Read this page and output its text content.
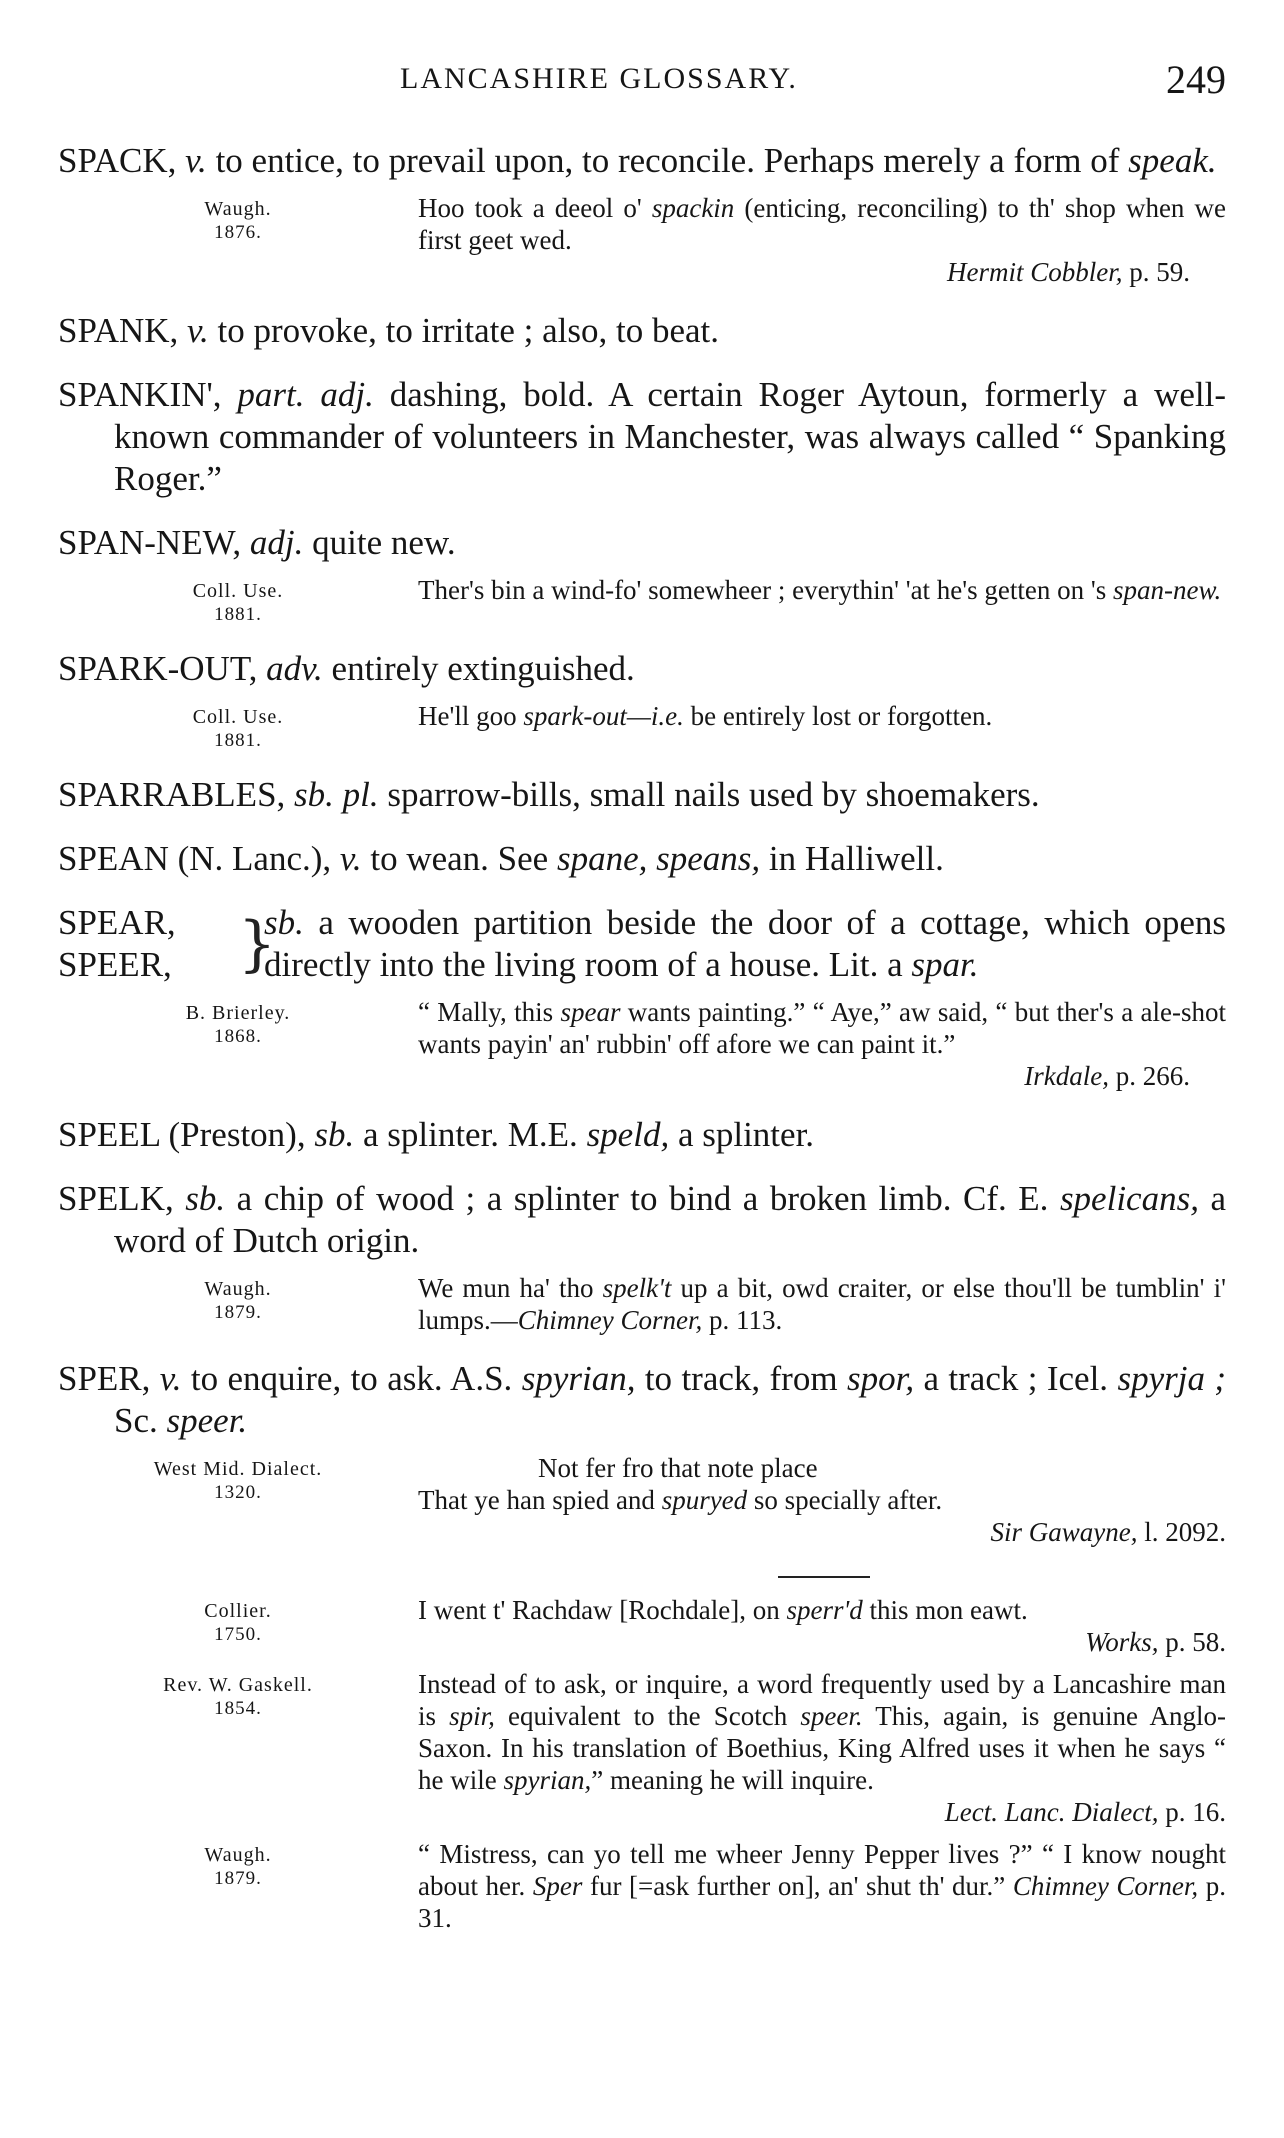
LANCASHIRE GLOSSARY.	249

SPACK, v. to entice, to prevail upon, to reconcile. Perhaps merely a form of speak.

Waugh.
1876.
Hoo took a deeol o' spackin (enticing, reconciling) to th' shop when we first geet wed.
Hermit Cobbler, p. 59.

SPANK, v. to provoke, to irritate ; also, to beat.

SPANKIN', part. adj. dashing, bold. A certain Roger Aytoun, formerly a well-known commander of volunteers in Manchester, was always called “ Spanking Roger.”

SPAN-NEW, adj. quite new.

Coll. Use.
1881.
Ther's bin a wind-fo' somewheer ; everythin' 'at he's getten on 's span-new.

SPARK-OUT, adv. entirely extinguished.

Coll. Use.
1881.
He'll goo spark-out—i.e. be entirely lost or forgotten.

SPARRABLES, sb. pl. sparrow-bills, small nails used by shoemakers.

SPEAN (N. Lanc.), v. to wean. See spane, speans, in Halliwell.

SPEAR,
SPEER,	}
sb. a wooden partition beside the door of a cottage, which opens directly into the living room of a house. Lit. a spar.
B. Brierley.
1868.
“ Mally, this spear wants painting.” “ Aye,” aw said, “ but ther's a ale-shot wants payin' an' rubbin' off afore we can paint it.”
Irkdale, p. 266.

SPEEL (Preston), sb. a splinter. M.E. speld, a splinter.

SPELK, sb. a chip of wood ; a splinter to bind a broken limb. Cf. E. spelicans, a word of Dutch origin.

Waugh.
1879.
We mun ha' tho spelk't up a bit, owd craiter, or else thou'll be tumblin' i' lumps.—Chimney Corner, p. 113.

SPER, v. to enquire, to ask. A.S. spyrian, to track, from spor, a track ; Icel. spyrja ; Sc. speer.

West Mid. Dialect.
1320.
Not fer fro that note place
That ye han spied and spuryed so specially after.
Sir Gawayne, l. 2092.
Collier.
1750.
I went t' Rachdaw [Rochdale], on sperr'd this mon eawt.
Works, p. 58.
Rev. W. Gaskell.
1854.
Instead of to ask, or inquire, a word frequently used by a Lancashire man is spir, equivalent to the Scotch speer. This, again, is genuine Anglo-Saxon. In his translation of Boethius, King Alfred uses it when he says “ he wile spyrian,” meaning he will inquire.
Lect. Lanc. Dialect, p. 16.
Waugh.
1879.
“ Mistress, can yo tell me wheer Jenny Pepper lives ?” “ I know nought about her. Sper fur [=ask further on], an' shut th' dur.” Chimney Corner, p. 31.
